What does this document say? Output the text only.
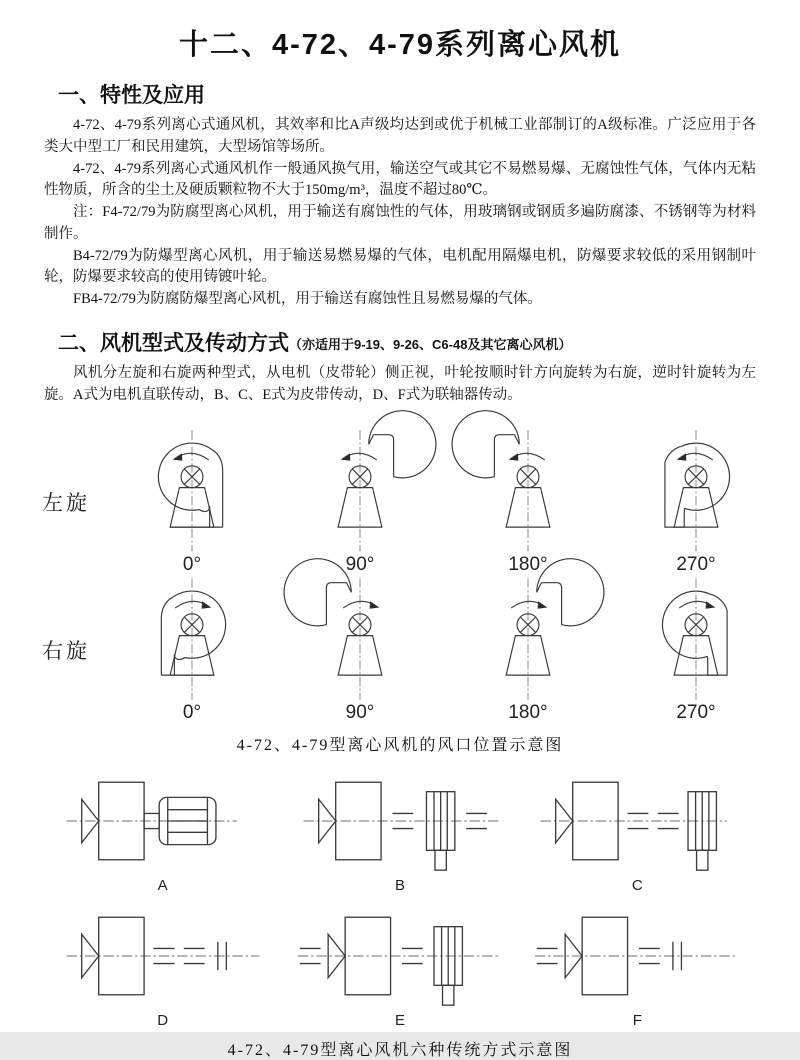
十二、4-72、4-79系列离心风机
一、特性及应用

4-72、4-79系列离心式通风机，其效率和比A声级均达到或优于机械工业部制订的A级标准。广泛应用于各类大中型工厂和民用建筑，大型场馆等场所。

4-72、4-79系列离心式通风机作一般通风换气用，输送空气或其它不易燃易爆、无腐蚀性气体，气体内无粘性物质，所含的尘土及硬质颗粒物不大于150mg/m³，温度不超过80℃。

注：F4-72/79为防腐型离心风机，用于输送有腐蚀性的气体，用玻璃钢或钢质多遍防腐漆、不锈钢等为材料制作。

B4-72/79为防爆型离心风机，用于输送易燃易爆的气体，电机配用隔爆电机，防爆要求较低的采用钢制叶轮，防爆要求较高的使用铸镀叶轮。

FB4-72/79为防腐防爆型离心风机，用于输送有腐蚀性且易燃易爆的气体。

二、风机型式及传动方式（亦适用于9-19、9-26、C6-48及其它离心风机）

风机分左旋和右旋两种型式，从电机（皮带轮）侧正视，叶轮按顺时针方向旋转为右旋，逆时针旋转为左旋。A式为电机直联传动，B、C、E式为皮带传动，D、F式为联轴器传动。

左旋
0°	90°	180°	270°
右旋
0°	90°	180°	270°
4-72、4-79型离心风机的风口位置示意图
A	B	C
D	E	F
4-72、4-79型离心风机六种传统方式示意图
